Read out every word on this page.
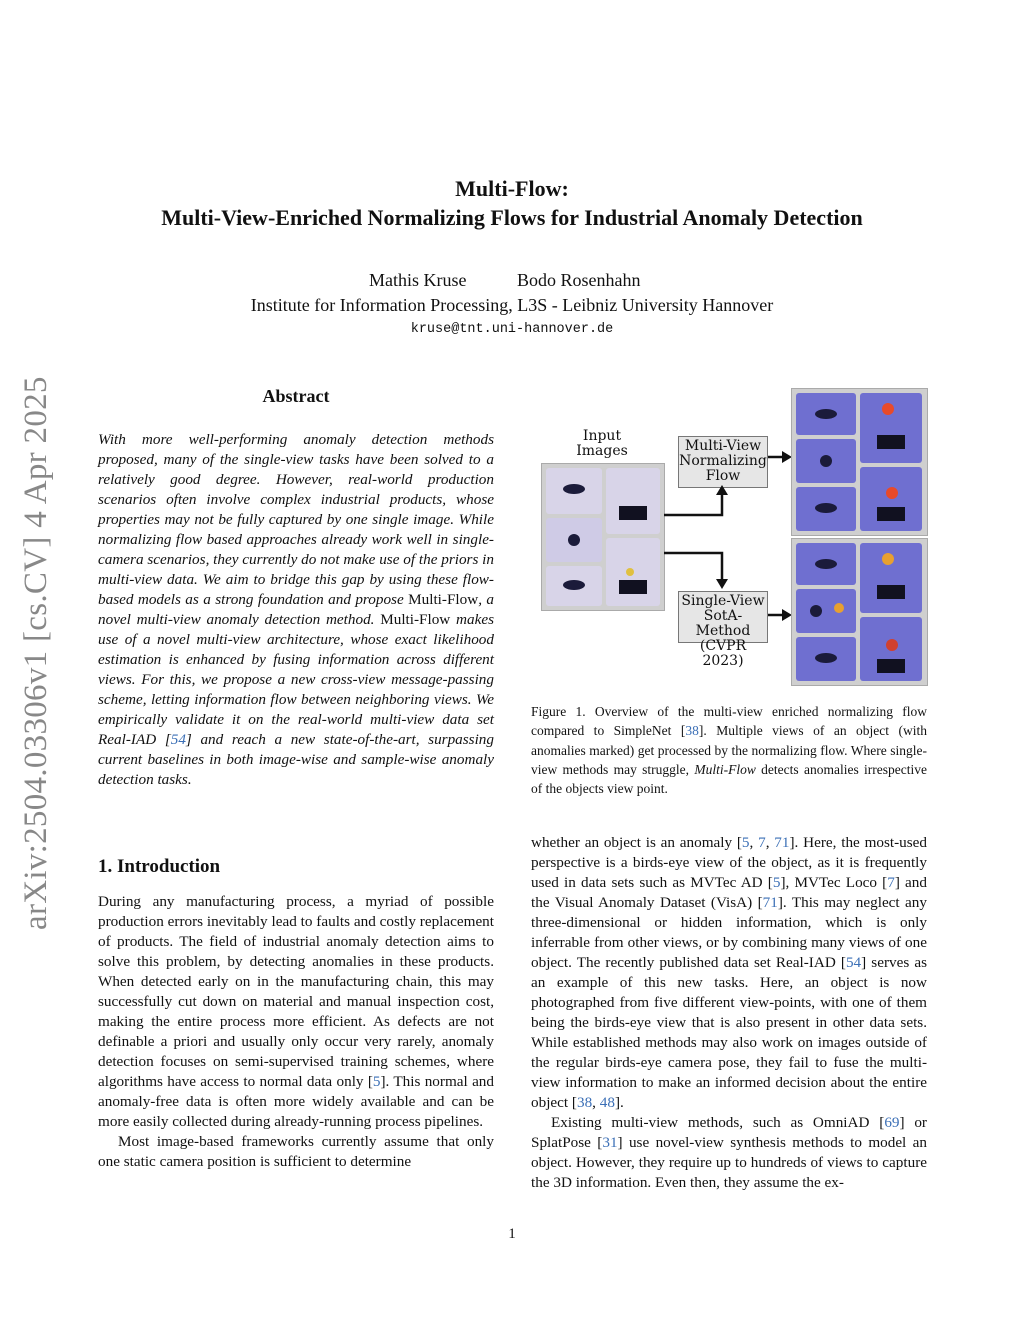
arXiv:2504.03306v1 [cs.CV] 4 Apr 2025
Multi-Flow:
Multi-View-Enriched Normalizing Flows for Industrial Anomaly Detection
Mathis Kruse	Bodo Rosenhahn
Institute for Information Processing, L3S - Leibniz University Hannover
kruse@tnt.uni-hannover.de
Abstract

With more well-performing anomaly detection methods proposed, many of the single-view tasks have been solved to a relatively good degree. However, real-world production scenarios often involve complex industrial products, whose properties may not be fully captured by one single image. While normalizing flow based approaches already work well in single-camera scenarios, they currently do not make use of the priors in multi-view data. We aim to bridge this gap by using these flow-based models as a strong foundation and propose Multi-Flow, a novel multi-view anomaly detection method. Multi-Flow makes use of a novel multi-view architecture, whose exact likelihood estimation is enhanced by fusing information across different views. For this, we propose a new cross-view message-passing scheme, letting information flow between neighboring views. We empirically validate it on the real-world multi-view data set Real-IAD [54] and reach a new state-of-the-art, surpassing current baselines in both image-wise and sample-wise anomaly detection tasks.

Input
Images	Multi-View
Normalizing
Flow
Single-View
SotA-Method
(CVPR 2023)
Figure 1. Overview of the multi-view enriched normalizing flow compared to SimpleNet [38]. Multiple views of an object (with anomalies marked) get processed by the normalizing flow. Where single-view methods may struggle, Multi-Flow detects anomalies irrespective of the objects view point.
1. Introduction

During any manufacturing process, a myriad of possible production errors inevitably lead to faults and costly replacement of products. The field of industrial anomaly detection aims to solve this problem, by detecting anomalies in these products. When detected early on in the manufacturing chain, this may successfully cut down on material and manual inspection cost, making the entire process more efficient. As defects are not definable a priori and usually only occur very rarely, anomaly detection focuses on semi-supervised training schemes, where algorithms have access to normal data only [5]. This normal and anomaly-free data is often more widely available and can be more easily collected during already-running process pipelines.

Most image-based frameworks currently assume that only one static camera position is sufficient to determine

whether an object is an anomaly [5, 7, 71]. Here, the most-used perspective is a birds-eye view of the object, as it is frequently used in data sets such as MVTec AD [5], MVTec Loco [7] and the Visual Anomaly Dataset (VisA) [71]. This may neglect any three-dimensional or hidden information, which is only inferrable from other views, or by combining many views of one object. The recently published data set Real-IAD [54] serves as an example of this new tasks. Here, an object is now photographed from five different view-points, with one of them being the birds-eye view that is also present in other data sets. While established methods may also work on images outside of the regular birds-eye camera pose, they fail to fuse the multi-view information to make an informed decision about the entire object [38, 48].

Existing multi-view methods, such as OmniAD [69] or SplatPose [31] use novel-view synthesis methods to model an object. However, they require up to hundreds of views to capture the 3D information. Even then, they assume the ex-

1
